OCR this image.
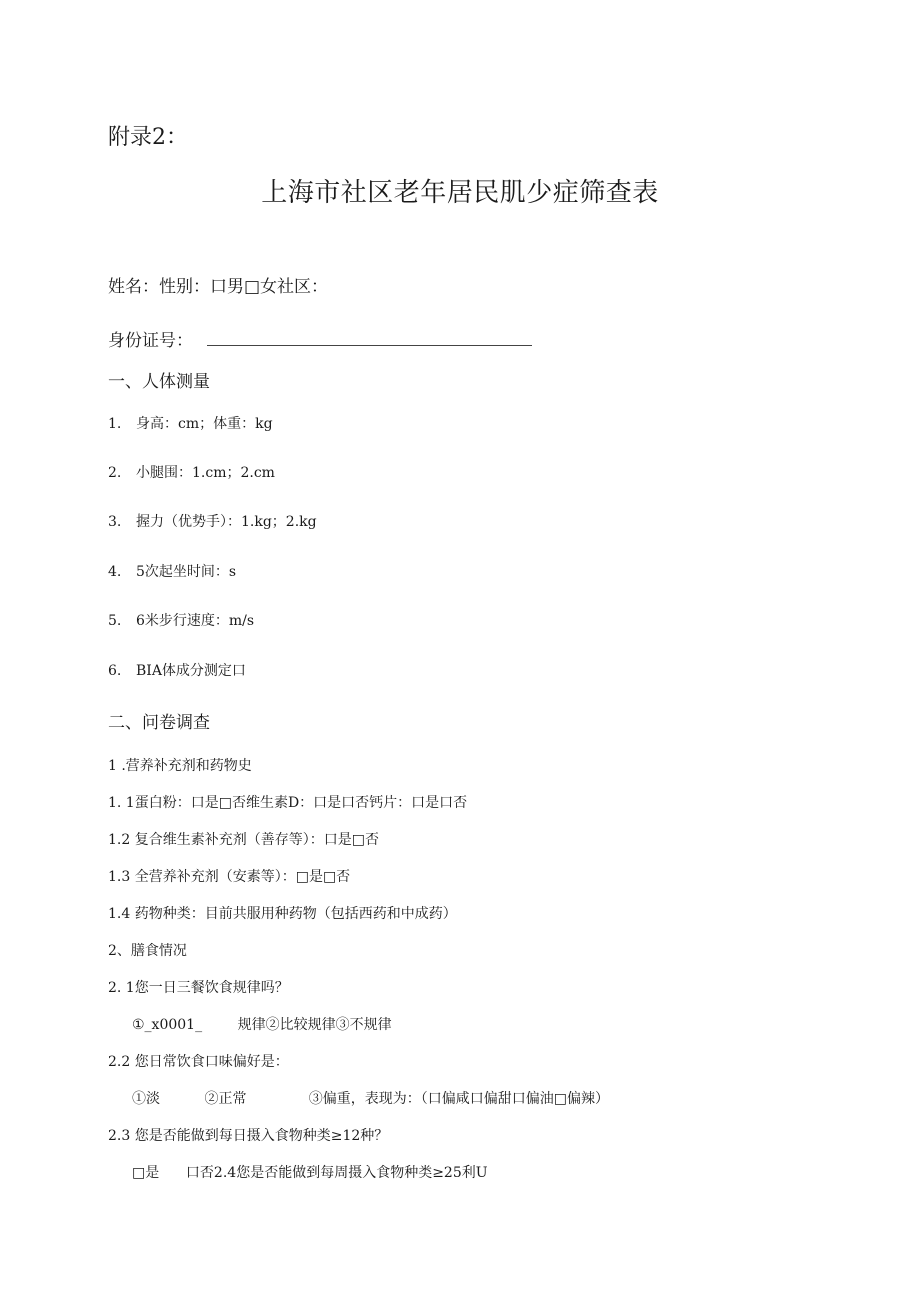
附录2：
上海市社区老年居民肌少症筛查表
姓名：性别：口男□女社区：
身份证号：
一、人体测量
1. 身高：cm；体重：kg
2. 小腿围：1.cm；2.cm
3. 握力（优势手）：1.kg；2.kg
4. 5次起坐时间：s
5. 6米步行速度：m/s
6. BIA体成分测定口
二、问卷调查
1 .营养补充剂和药物史
1. 1蛋白粉：口是□否维生素D：口是口否钙片：口是口否
1.2 复合维生素补充剂（善存等）：口是□否
1.3 全营养补充剂（安素等）：□是□否
1.4 药物种类：目前共服用种药物（包括西药和中成药）
2、膳食情况
2. 1您一日三餐饮食规律吗？
①_x0001_        规律②比较规律③不规律
2.2 您日常饮食口味偏好是：
①淡          ②正常              ③偏重，表现为：（口偏咸口偏甜口偏油□偏辣）
2.3 您是否能做到每日摄入食物种类≥12种？
□是      口否2.4您是否能做到每周摄入食物种类≥25利U
